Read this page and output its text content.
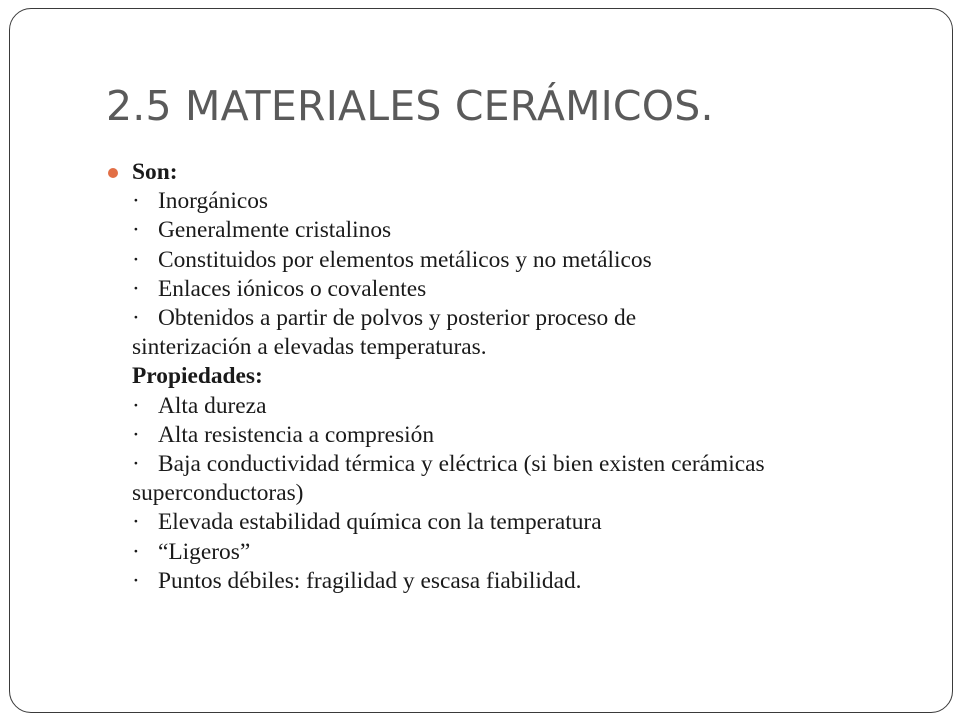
2.5 MATERIALES CERÁMICOS.
Son:
· Inorgánicos
· Generalmente cristalinos
· Constituidos por elementos metálicos y no metálicos
· Enlaces iónicos o covalentes
· Obtenidos a partir de polvos y posterior proceso de
sinterización a elevadas temperaturas.
Propiedades:
· Alta dureza
· Alta resistencia a compresión
· Baja conductividad térmica y eléctrica (si bien existen cerámicas
superconductoras)
· Elevada estabilidad química con la temperatura
· “Ligeros”
· Puntos débiles: fragilidad y escasa fiabilidad.
